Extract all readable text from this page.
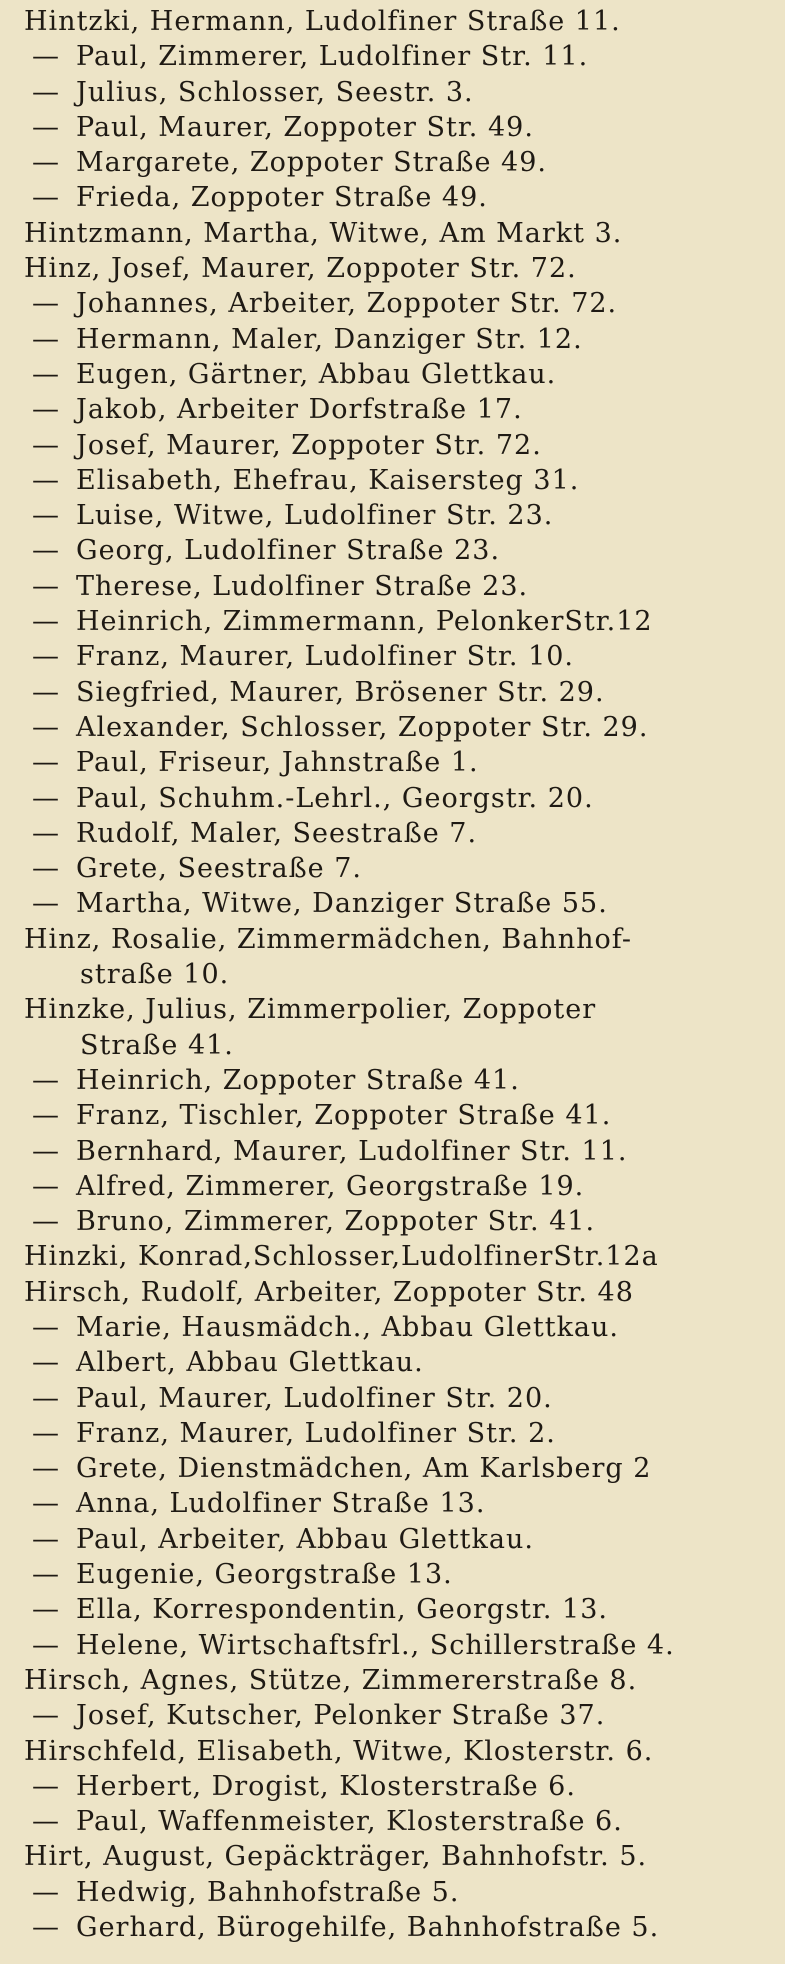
Hintzki, Hermann, Ludolfiner Straße 11.
— Paul, Zimmerer, Ludolfiner Str. 11.
— Julius, Schlosser, Seestr. 3.
— Paul, Maurer, Zoppoter Str. 49.
— Margarete, Zoppoter Straße 49.
— Frieda, Zoppoter Straße 49.
Hintzmann, Martha, Witwe, Am Markt 3.
Hinz, Josef, Maurer, Zoppoter Str. 72.
— Johannes, Arbeiter, Zoppoter Str. 72.
— Hermann, Maler, Danziger Str. 12.
— Eugen, Gärtner, Abbau Glettkau.
— Jakob, Arbeiter Dorfstraße 17.
— Josef, Maurer, Zoppoter Str. 72.
— Elisabeth, Ehefrau, Kaisersteg 31.
— Luise, Witwe, Ludolfiner Str. 23.
— Georg, Ludolfiner Straße 23.
— Therese, Ludolfiner Straße 23.
— Heinrich, Zimmermann, PelonkerStr.12
— Franz, Maurer, Ludolfiner Str. 10.
— Siegfried, Maurer, Brösener Str. 29.
— Alexander, Schlosser, Zoppoter Str. 29.
— Paul, Friseur, Jahnstraße 1.
— Paul, Schuhm.-Lehrl., Georgstr. 20.
— Rudolf, Maler, Seestraße 7.
— Grete, Seestraße 7.
— Martha, Witwe, Danziger Straße 55.
Hinz, Rosalie, Zimmermädchen, Bahnhof-
straße 10.
Hinzke, Julius, Zimmerpolier, Zoppoter
Straße 41.
— Heinrich, Zoppoter Straße 41.
— Franz, Tischler, Zoppoter Straße 41.
— Bernhard, Maurer, Ludolfiner Str. 11.
— Alfred, Zimmerer, Georgstraße 19.
— Bruno, Zimmerer, Zoppoter Str. 41.
Hinzki, Konrad,Schlosser,LudolfinerStr.12a
Hirsch, Rudolf, Arbeiter, Zoppoter Str. 48
— Marie, Hausmädch., Abbau Glettkau.
— Albert, Abbau Glettkau.
— Paul, Maurer, Ludolfiner Str. 20.
— Franz, Maurer, Ludolfiner Str. 2.
— Grete, Dienstmädchen, Am Karlsberg 2
— Anna, Ludolfiner Straße 13.
— Paul, Arbeiter, Abbau Glettkau.
— Eugenie, Georgstraße 13.
— Ella, Korrespondentin, Georgstr. 13.
— Helene, Wirtschaftsfrl., Schillerstraße 4.
Hirsch, Agnes, Stütze, Zimmererstraße 8.
— Josef, Kutscher, Pelonker Straße 37.
Hirschfeld, Elisabeth, Witwe, Klosterstr. 6.
— Herbert, Drogist, Klosterstraße 6.
— Paul, Waffenmeister, Klosterstraße 6.
Hirt, August, Gepäckträger, Bahnhofstr. 5.
— Hedwig, Bahnhofstraße 5.
— Gerhard, Bürogehilfe, Bahnhofstraße 5.
